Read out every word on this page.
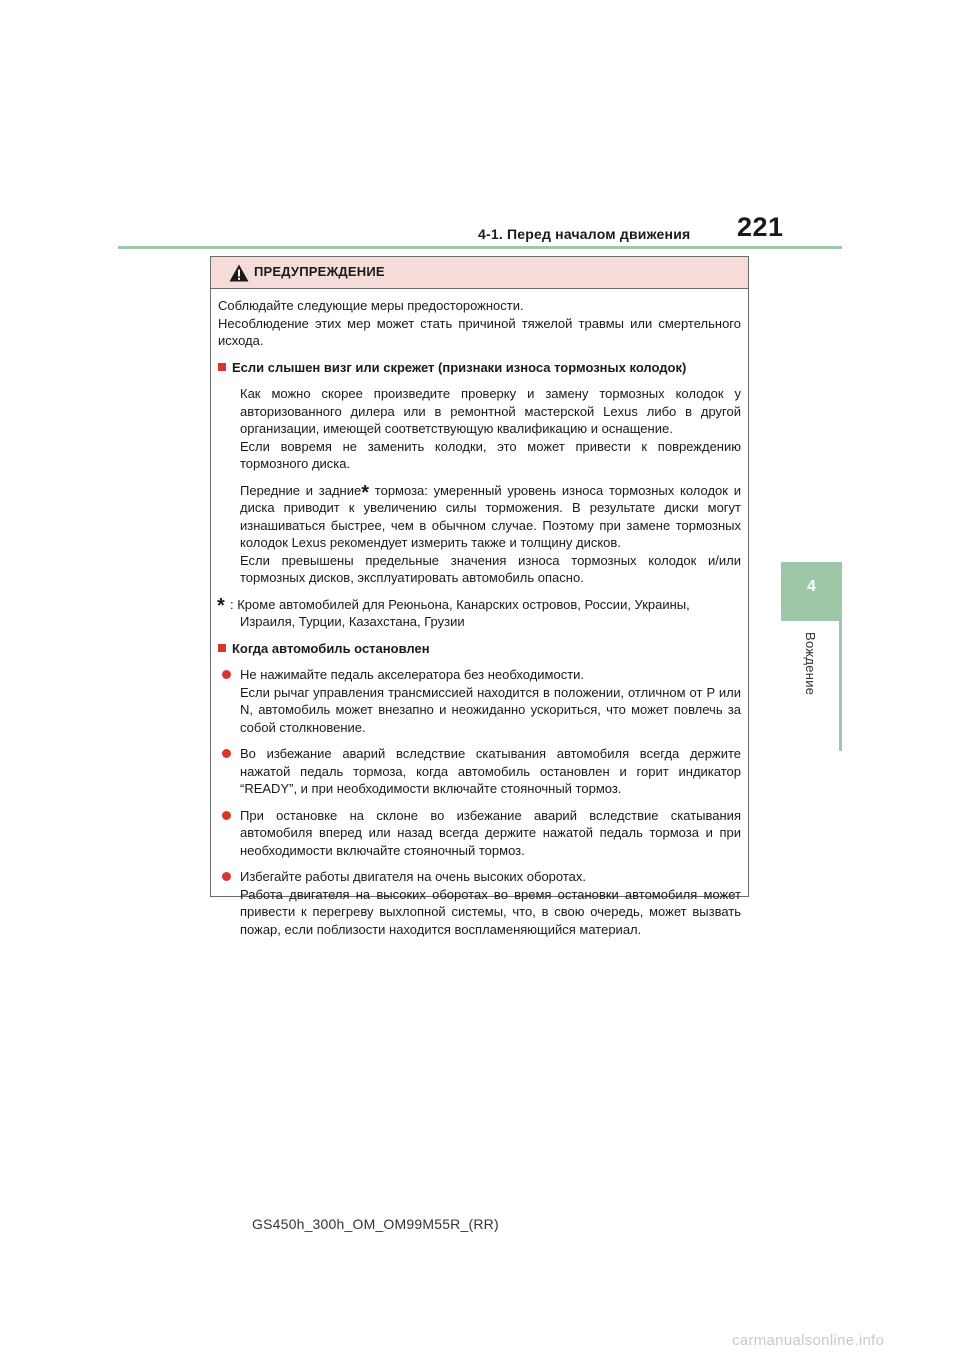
4-1. Перед началом движения 221
4
Вождение
ПРЕДУПРЕЖДЕНИЕ

Соблюдайте следующие меры предосторожности.

Несоблюдение этих мер может стать причиной тяжелой травмы или смертельного исхода.

Если слышен визг или скрежет (признаки износа тормозных колодок)

Как можно скорее произведите проверку и замену тормозных колодок у авторизованного дилера или в ремонтной мастерской Lexus либо в другой организации, имеющей соответствующую квалификацию и оснащение.

Если вовремя не заменить колодки, это может привести к повреждению тормозного диска.

Передние и задние* тормоза: умеренный уровень износа тормозных колодок и диска приводит к увеличению силы торможения. В результате диски могут изнашиваться быстрее, чем в обычном случае. Поэтому при замене тормозных колодок Lexus рекомендует измерить также и толщину дисков.

Если превышены предельные значения износа тормозных колодок и/или тормозных дисков, эксплуатировать автомобиль опасно.

* : Кроме автомобилей для Реюньона, Канарских островов, России, Украины,
Израиля, Турции, Казахстана, Грузии
Когда автомобиль остановлен

Не нажимайте педаль акселератора без необходимости.

Если рычаг управления трансмиссией находится в положении, отличном от P или N, автомобиль может внезапно и неожиданно ускориться, что может повлечь за собой столкновение.

Во избежание аварий вследствие скатывания автомобиля всегда держите нажатой педаль тормоза, когда автомобиль остановлен и горит индикатор “READY”, и при необходимости включайте стояночный тормоз.

При остановке на склоне во избежание аварий вследствие скатывания автомобиля вперед или назад всегда держите нажатой педаль тормоза и при необходимости включайте стояночный тормоз.

Избегайте работы двигателя на очень высоких оборотах.

Работа двигателя на высоких оборотах во время остановки автомобиля может привести к перегреву выхлопной системы, что, в свою очередь, может вызвать пожар, если поблизости находится воспламеняющийся материал.

GS450h_300h_OM_OM99M55R_(RR)
carmanualsonline.info
